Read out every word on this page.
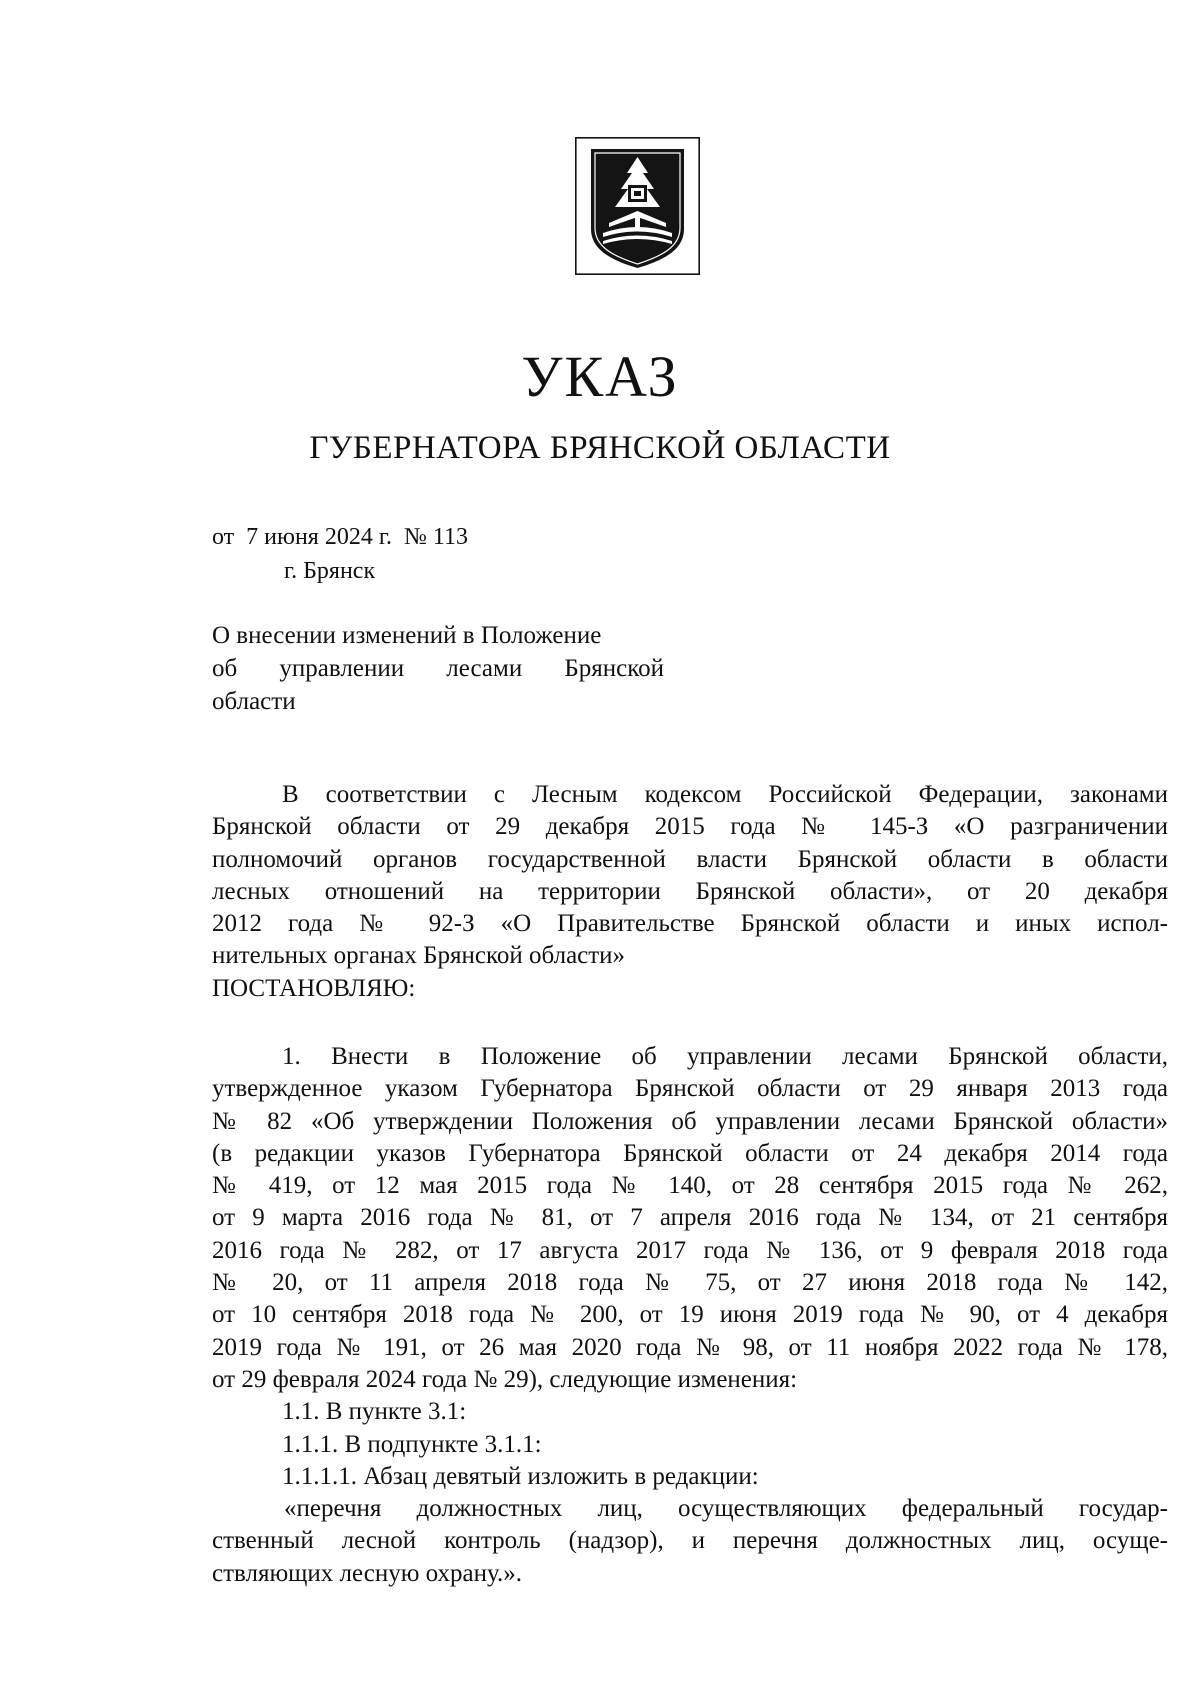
УКАЗ
ГУБЕРНАТОРА БРЯНСКОЙ ОБЛАСТИ
от  7 июня 2024 г.  № 113
г. Брянск
О внесении изменений в Положение
об управлении лесами Брянской
области
В соответствии с Лесным кодексом Российской Федерации, законами
Брянской области от 29 декабря 2015 года № 145-З «О разграничении
полномочий органов государственной власти Брянской области в области
лесных отношений на территории Брянской области», от 20 декабря
2012 года № 92-З «О Правительстве Брянской области и иных испол-
нительных органах Брянской области»
ПОСТАНОВЛЯЮ:
1. Внести в Положение об управлении лесами Брянской области,
утвержденное указом Губернатора Брянской области от 29 января 2013 года
№ 82 «Об утверждении Положения об управлении лесами Брянской области»
(в редакции указов Губернатора Брянской области от 24 декабря 2014 года
№ 419, от 12 мая 2015 года № 140, от 28 сентября 2015 года № 262,
от 9 марта 2016 года № 81, от 7 апреля 2016 года № 134, от 21 сентября
2016 года № 282, от 17 августа 2017 года № 136, от 9 февраля 2018 года
№ 20, от 11 апреля 2018 года № 75, от 27 июня 2018 года № 142,
от 10 сентября 2018 года № 200, от 19 июня 2019 года № 90, от 4 декабря
2019 года № 191, от 26 мая 2020 года № 98, от 11 ноября 2022 года № 178,
от 29 февраля 2024 года № 29), следующие изменения:
1.1. В пункте 3.1:
1.1.1. В подпункте 3.1.1:
1.1.1.1. Абзац девятый изложить в редакции:
«перечня должностных лиц, осуществляющих федеральный государ-
ственный лесной контроль (надзор), и перечня должностных лиц, осуще-
ствляющих лесную охрану.».
